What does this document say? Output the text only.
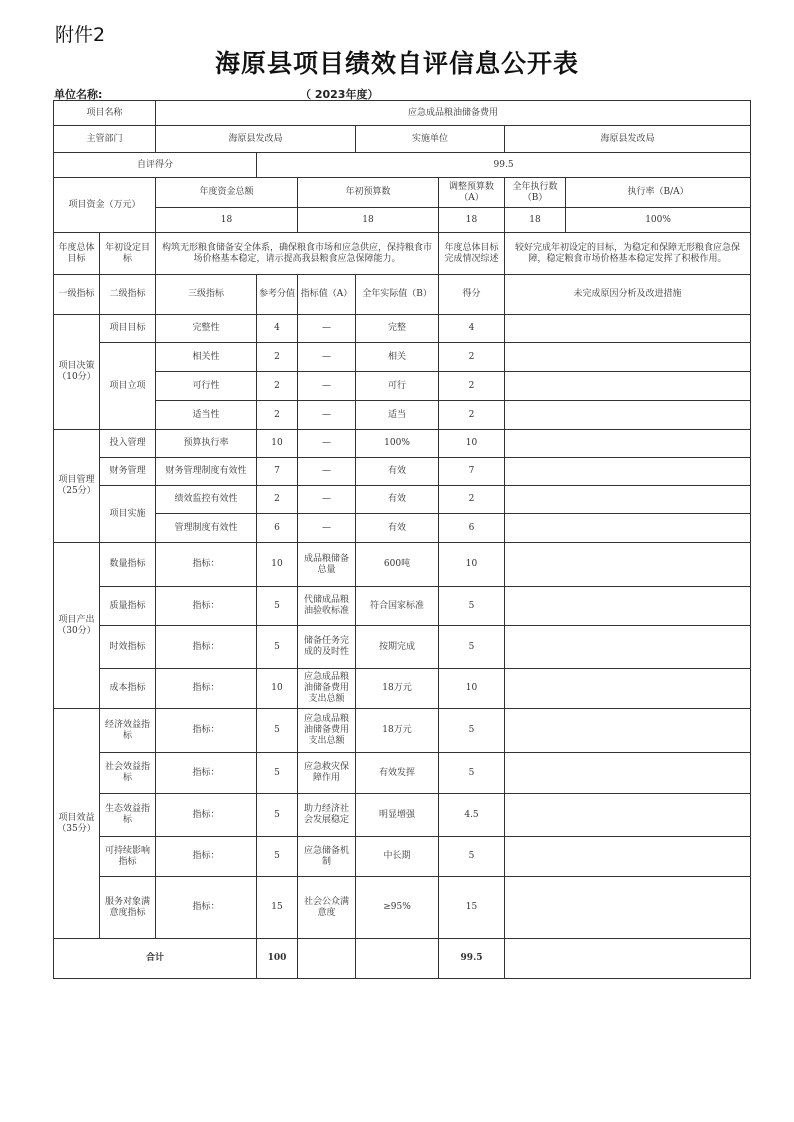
附件2
海原县项目绩效自评信息公开表
单位名称:	（ 2023年度）
项目名称		应急成品粮油储备费用						
主管部门		海原县发改局			实施单位		海原县发改局	
自评得分			99.5					
项目资金（万元）		年度资金总额		年初预算数		调整预算数（A）	全年执行数（B）	执行率（B/A）
		18		18		18	18	100%
年度总体目标	年初设定目标	构筑无形粮食储备安全体系，确保粮食市场和应急供应，保持粮食市场价格基本稳定，请示提高我县粮食应急保障能力。				年度总体目标完成情况综述	较好完成年初设定的目标，为稳定和保障无形粮食应急保障，稳定粮食市场价格基本稳定发挥了积极作用。	
一级指标	二级指标	三级指标	参考分值	指标值（A）	全年实际值（B）	得分	未完成原因分析及改进措施	
项目决策（10分）	项目目标	完整性	4	—	完整	4		
	项目立项	相关性	2	—	相关	2		
		可行性	2	—	可行	2		
		适当性	2	—	适当	2		
项目管理（25分）	投入管理	预算执行率	10	—	100%	10		
	财务管理	财务管理制度有效性	7	—	有效	7		
	项目实施	绩效监控有效性	2	—	有效	2		
		管理制度有效性	6	—	有效	6		
项目产出（30分）	数量指标	指标：	10	成品粮储备总量	600吨	10		
	质量指标	指标：	5	代储成品粮油验收标准	符合国家标准	5		
	时效指标	指标：	5	储备任务完成的及时性	按期完成	5		
	成本指标	指标：	10	应急成品粮油储备费用支出总额	18万元	10		
项目效益（35分）	经济效益指标	指标：	5	应急成品粮油储备费用支出总额	18万元	5		
	社会效益指标	指标：	5	应急救灾保障作用	有效发挥	5		
	生态效益指标	指标：	5	助力经济社会发展稳定	明显增强	4.5		
	可持续影响指标	指标：	5	应急储备机制	中长期	5		
	服务对象满意度指标	指标：	15	社会公众满意度	≥95%	15		
合计			100			99.5		
